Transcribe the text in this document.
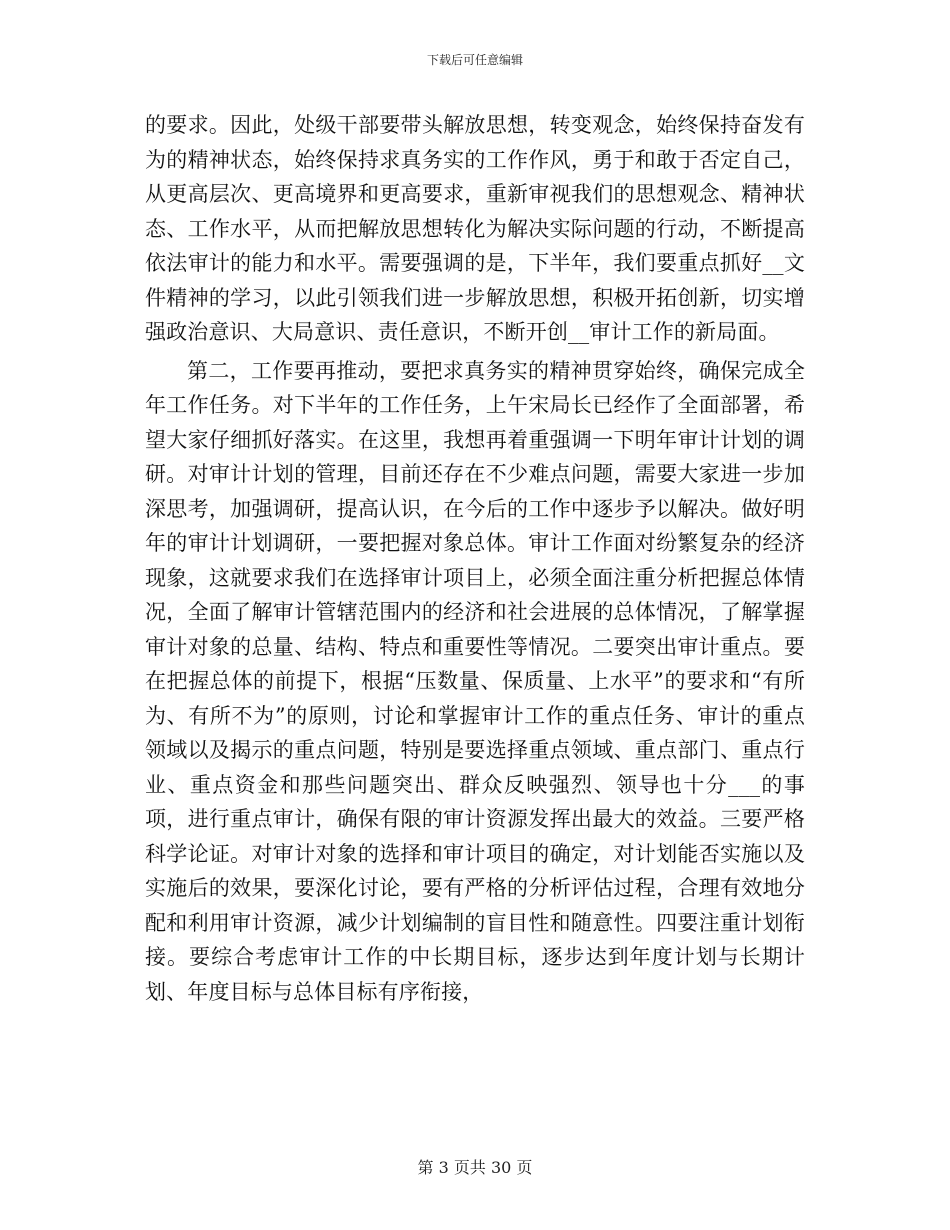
下载后可任意编辑

的要求。因此，处级干部要带头解放思想，转变观念，始终保持奋发有为的精神状态，始终保持求真务实的工作作风，勇于和敢于否定自己，从更高层次、更高境界和更高要求，重新审视我们的思想观念、精神状态、工作水平，从而把解放思想转化为解决实际问题的行动，不断提高依法审计的能力和水平。需要强调的是，下半年，我们要重点抓好__文件精神的学习，以此引领我们进一步解放思想，积极开拓创新，切实增强政治意识、大局意识、责任意识，不断开创__审计工作的新局面。

第二，工作要再推动，要把求真务实的精神贯穿始终，确保完成全年工作任务。对下半年的工作任务，上午宋局长已经作了全面部署，希望大家仔细抓好落实。在这里，我想再着重强调一下明年审计计划的调研。对审计计划的管理，目前还存在不少难点问题，需要大家进一步加深思考，加强调研，提高认识，在今后的工作中逐步予以解决。做好明年的审计计划调研，一要把握对象总体。审计工作面对纷繁复杂的经济现象，这就要求我们在选择审计项目上，必须全面注重分析把握总体情况，全面了解审计管辖范围内的经济和社会进展的总体情况，了解掌握审计对象的总量、结构、特点和重要性等情况。二要突出审计重点。要在把握总体的前提下，根据“压数量、保质量、上水平”的要求和“有所为、有所不为”的原则，讨论和掌握审计工作的重点任务、审计的重点领域以及揭示的重点问题，特别是要选择重点领域、重点部门、重点行业、重点资金和那些问题突出、群众反映强烈、领导也十分___的事项，进行重点审计，确保有限的审计资源发挥出最大的效益。三要严格科学论证。对审计对象的选择和审计项目的确定，对计划能否实施以及实施后的效果，要深化讨论，要有严格的分析评估过程，合理有效地分配和利用审计资源，减少计划编制的盲目性和随意性。四要注重计划衔接。要综合考虑审计工作的中长期目标，逐步达到年度计划与长期计划、年度目标与总体目标有序衔接，

第 3 页共 30 页
